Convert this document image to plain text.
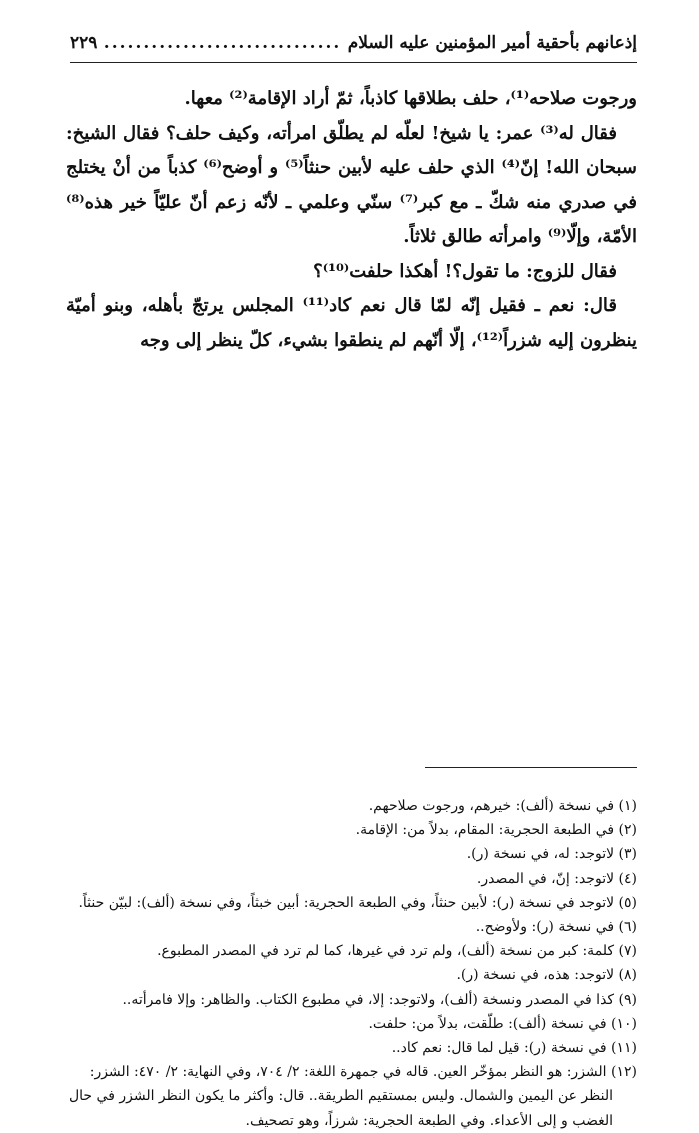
إذعانهم بأحقية أمير المؤمنين عليه السلام
..............................
٢٢٩

ورجوت صلاحه⁽¹⁾، حلف بطلاقها كاذباً، ثمّ أراد الإقامة⁽²⁾ معها.

فقال له⁽³⁾ عمر: يا شيخ! لعلّه لم يطلّق امرأته، وكيف حلف؟ فقال الشيخ: سبحان الله! إنّ⁽⁴⁾ الذي حلف عليه لأبين حنثاً⁽⁵⁾ و أوضح⁽⁶⁾ كذباً من أنْ يختلج في صدري منه شكّ ـ مع كبر⁽⁷⁾ سنّي وعلمي ـ لأنّه زعم أنّ عليّاً خير هذه⁽⁸⁾ الأمّة، وإلّا⁽⁹⁾ وامرأته طالق ثلاثاً.

فقال للزوج: ما تقول؟! أهكذا حلفت⁽¹⁰⁾؟

قال: نعم ـ فقيل إنّه لمّا قال نعم كاد⁽¹¹⁾ المجلس يرتجّ بأهله، وبنو أميّة ينظرون إليه شزراً⁽¹²⁾، إلّا أنّهم لم ينطقوا بشيء، كلّ ينظر إلى وجه

(١) في نسخة (ألف): خيرهم، ورجوت صلاحهم.

(٢) في الطبعة الحجرية: المقام، بدلاً من: الإقامة.

(٣) لاتوجد: له، في نسخة (ر).

(٤) لاتوجد: إنّ، في المصدر.

(٥) لاتوجد في نسخة (ر): لأبين حنثاً، وفي الطبعة الحجرية: أبين خبثاً، وفي نسخة (ألف): لبيّن حنثاً.

(٦) في نسخة (ر): ولأوضح..

(٧) كلمة: كبر من نسخة (ألف)، ولم ترد في غيرها، كما لم ترد في المصدر المطبوع.

(٨) لاتوجد: هذه، في نسخة (ر).

(٩) كذا في المصدر ونسخة (ألف)، ولاتوجد: إلا، في مطبوع الكتاب. والظاهر: وإلا فامرأته..

(١٠) في نسخة (ألف): طلّقت، بدلاً من: حلفت.

(١١) في نسخة (ر): قيل لما قال: نعم كاد..

(١٢) الشزر: هو النظر بمؤخّر العين. قاله في جمهرة اللغة: ٢/ ٧٠٤، وفي النهاية: ٢/ ٤٧٠: الشزر: النظر عن اليمين والشمال. وليس بمستقيم الطريقة.. قال: وأكثر ما يكون النظر الشزر في حال الغضب و إلى الأعداء. وفي الطبعة الحجرية: شرزاً، وهو تصحيف.
